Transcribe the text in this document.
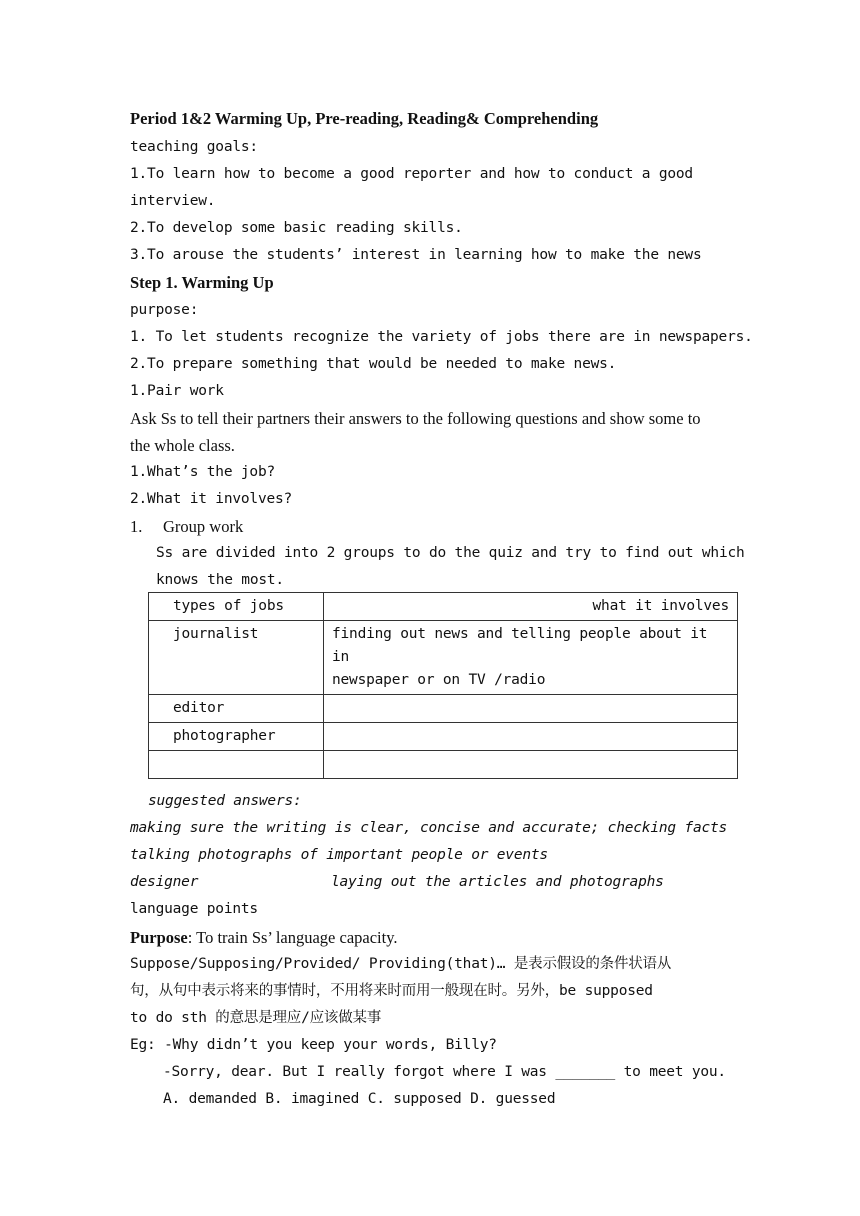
Period 1&2 Warming Up, Pre-reading, Reading& Comprehending
teaching goals:
1.To learn how to become a good reporter and how to conduct a good
interview.
2.To develop some basic reading skills.
3.To arouse the students’ interest in learning how to make the news
Step 1. Warming Up
purpose:
1. To let students recognize the variety of jobs there are in newspapers.
2.To prepare something that would be needed to make news.
1.Pair work
Ask Ss to tell their partners their answers to the following questions and show some to
the whole class.
1.What’s the job?
2.What it involves?
1. Group work
Ss are divided into 2 groups to do the quiz and try to find out which
knows the most.
types of jobs	what it involves
journalist	finding out news and telling people about it in
newspaper or on TV /radio

editor	
photographer	

suggested answers:
making sure the writing is clear, concise and accurate; checking facts
talking photographs of important people or events
designer	laying out the articles and photographs
language points
Purpose: To train Ss’ language capacity.
Suppose/Supposing/Provided/ Providing(that)… 是表示假设的条件状语从
句，从句中表示将来的事情时，不用将来时而用一般现在时。另外，be supposed
to do sth 的意思是理应/应该做某事
Eg: -Why didn’t you keep your words, Billy?
-Sorry, dear. But I really forgot where I was _______ to meet you.
A. demanded B. imagined C. supposed D. guessed
